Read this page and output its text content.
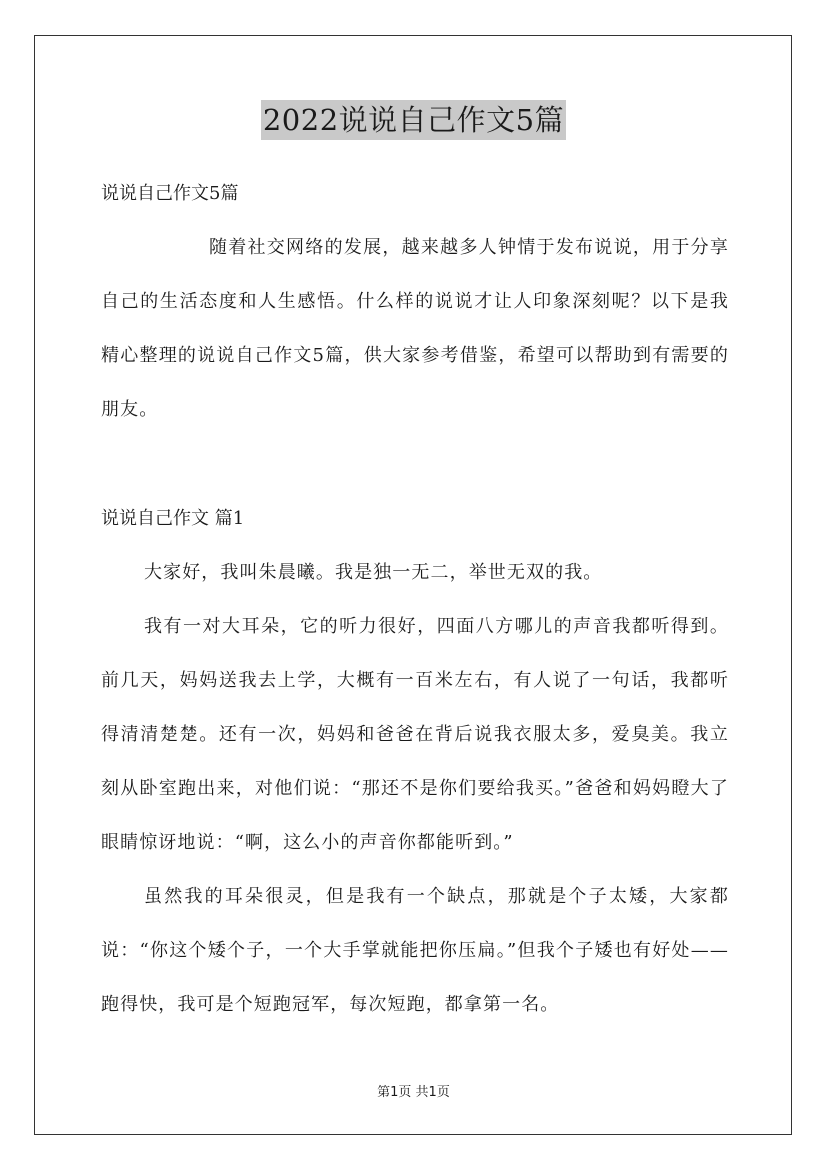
2022说说自己作文5篇
说说自己作文5篇

随着社交网络的发展，越来越多人钟情于发布说说，用于分享自己的生活态度和人生感悟。什么样的说说才让人印象深刻呢？以下是我精心整理的说说自己作文5篇，供大家参考借鉴，希望可以帮助到有需要的朋友。

说说自己作文 篇1

大家好，我叫朱晨曦。我是独一无二，举世无双的我。

我有一对大耳朵，它的听力很好，四面八方哪儿的声音我都听得到。前几天，妈妈送我去上学，大概有一百米左右，有人说了一句话，我都听得清清楚楚。还有一次，妈妈和爸爸在背后说我衣服太多，爱臭美。我立刻从卧室跑出来，对他们说：“那还不是你们要给我买。”爸爸和妈妈瞪大了眼睛惊讶地说：“啊，这么小的声音你都能听到。”

虽然我的耳朵很灵，但是我有一个缺点，那就是个子太矮，大家都说：“你这个矮个子，一个大手掌就能把你压扁。”但我个子矮也有好处——跑得快，我可是个短跑冠军，每次短跑，都拿第一名。

第1页 共1页
